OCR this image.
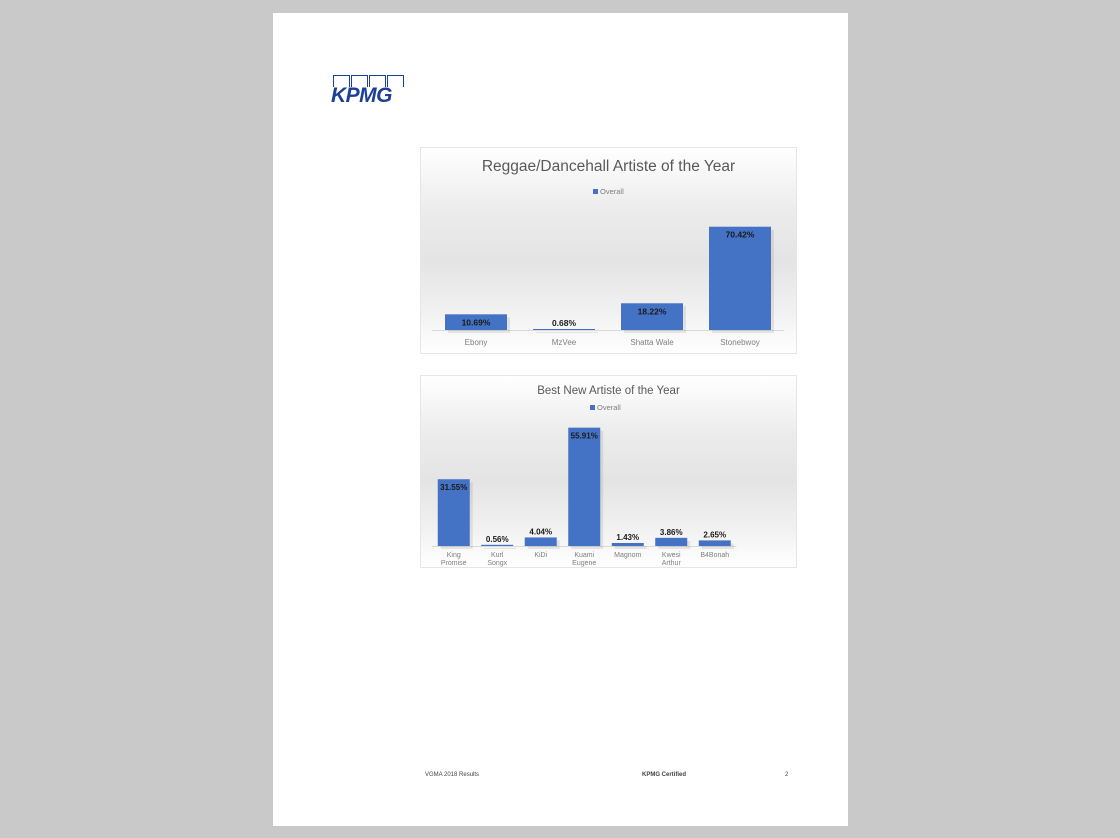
KPMG
Reggae/Dancehall Artiste of the Year
Overall
10.69%
Ebony
0.68%
MzVee
18.22%
Shatta Wale
70.42%
Stonebwoy
Best New Artiste of the Year
Overall
31.55%
King Promise
0.56%
Kurl Songx
4.04%
KiDi
55.91%
Kuami Eugene
1.43%
Magnom
3.86%
Kwesi Arthur
2.65%
B4Bonah
VGMA 2018 Results	KPMG Certified	2
